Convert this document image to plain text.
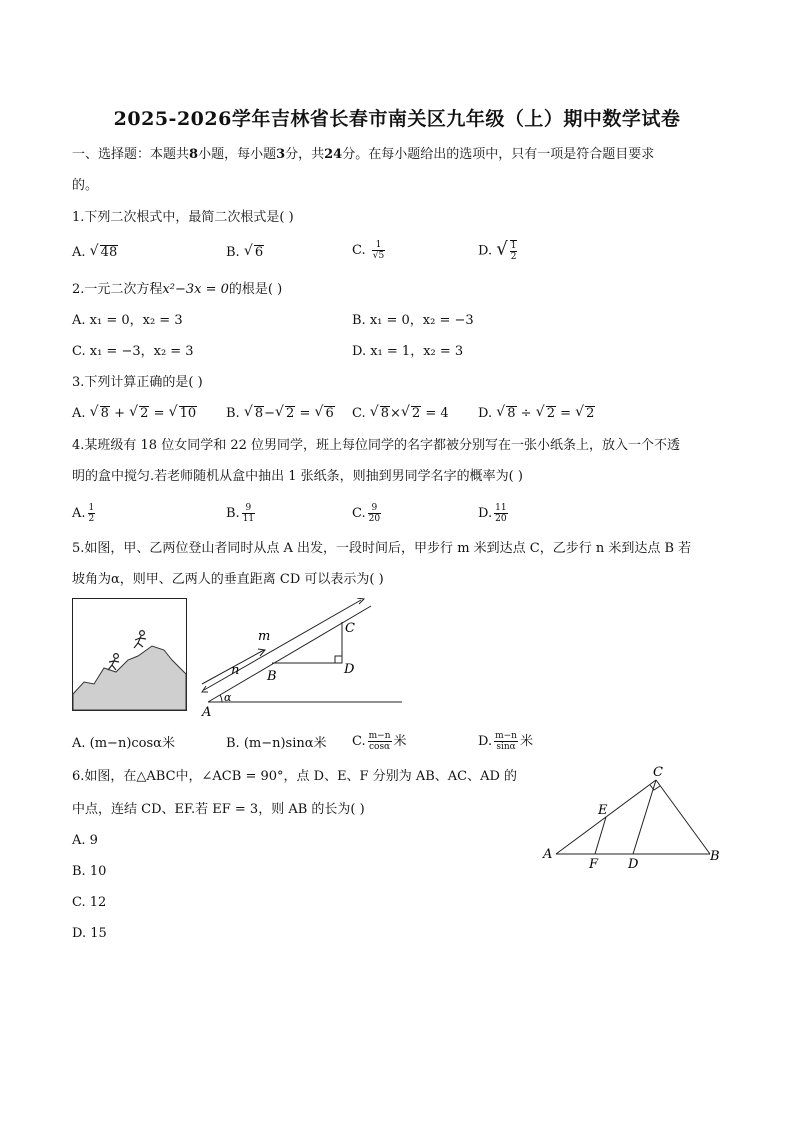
2025-2026学年吉林省长春市南关区九年级（上）期中数学试卷
一、选择题：本题共8小题，每小题3分，共24分。在每小题给出的选项中，只有一项是符合题目要求
的。
1.下列二次根式中，最简二次根式是( )
A. √ 48	B. √ 6	C. $\frac{1}{√5}$	D. √ $\frac{1}{2}$
2.一元二次方程x²−3x = 0的根是( )
A. x₁ = 0，x₂ = 3	B. x₁ = 0，x₂ = −3
C. x₁ = −3，x₂ = 3	D. x₁ = 1，x₂ = 3
3.下列计算正确的是( )
A. √ 8 + √ 2 = √ 10 B. √ 8− √ 2 = √ 6 C. √ 8× √ 2 = 4 D. √ 8 ÷ √ 2 = √ 2
4.某班级有 18 位女同学和 22 位男同学，班上每位同学的名字都被分别写在一张小纸条上，放入一个不透
明的盒中搅匀.若老师随机从盒中抽出 1 张纸条，则抽到男同学名字的概率为( )
A. $\frac{1}{2}$	B. $\frac{9}{11}$	C. $\frac{9}{20}$	D. $\frac{11}{20}$
5.如图，甲、乙两位登山者同时从点 A 出发，一段时间后，甲步行 m 米到达点 C，乙步行 n 米到达点 B 若
坡角为α，则甲、乙两人的垂直距离 CD 可以表示为( )
m
n
A
B
C
D
α
A. (m−n)cosα米	B. (m−n)sinα米 C. $\frac{m-n}{\cos\alpha}$ 米	D. $\frac{m-n}{\sin\alpha}$ 米
6.如图，在△ABC中，∠ACB = 90°，点 D、E、F 分别为 AB、AC、AD 的
中点，连结 CD、EF.若 EF = 3，则 AB 的长为( )
A. 9
B. 10
C. 12
D. 15
A	B
C
D
E
F
